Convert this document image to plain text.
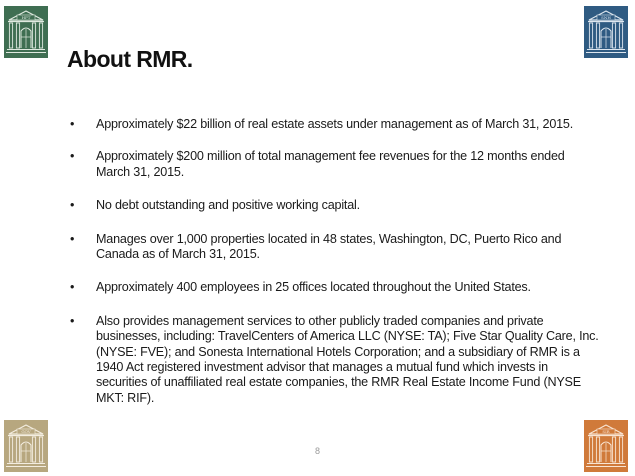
HPT	SNH
GOV	SIR
About RMR.
• Approximately $22 billion of real estate assets under management as of March 31, 2015.
• Approximately $200 million of total management fee revenues for the 12 months ended March 31, 2015.
• No debt outstanding and positive working capital.
• Manages over 1,000 properties located in 48 states, Washington, DC, Puerto Rico and Canada as of March 31, 2015.
• Approximately 400 employees in 25 offices located throughout the United States.
• Also provides management services to other publicly traded companies and private businesses, including: TravelCenters of America LLC (NYSE: TA); Five Star Quality Care, Inc. (NYSE: FVE); and Sonesta International Hotels Corporation; and a subsidiary of RMR is a 1940 Act registered investment advisor that manages a mutual fund which invests in securities of unaffiliated real estate companies, the RMR Real Estate Income Fund (NYSE MKT: RIF).
8
